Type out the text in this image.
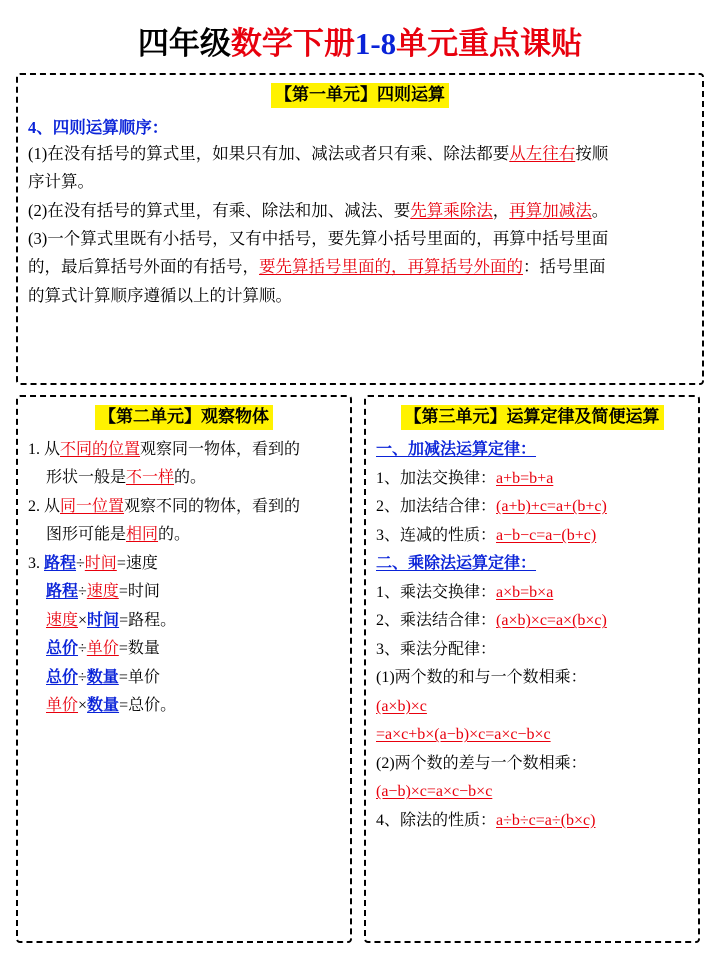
四年级数学下册1-8单元重点课贴
【第一单元】四则运算
4、四则运算顺序：

(1)在没有括号的算式里，如果只有加、减法或者只有乘、除法都要从左往右按顺

序计算。

(2)在没有括号的算式里，有乘、除法和加、减法、要先算乘除法，再算加减法。

(3)一个算式里既有小括号，又有中括号，要先算小括号里面的，再算中括号里面

的，最后算括号外面的有括号，要先算括号里面的，再算括号外面的：括号里面

的算式计算顺序遵循以上的计算顺。

【第二单元】观察物体

1. 从不同的位置观察同一物体，看到的

形状一般是不一样的。

2. 从同一位置观察不同的物体，看到的

图形可能是相同的。

3. 路程÷时间=速度

路程÷速度=时间

速度×时间=路程。

总价÷单价=数量

总价÷数量=单价

单价×数量=总价。

【第三单元】运算定律及简便运算

一、加减法运算定律：

1、加法交换律：a+b=b+a

2、加法结合律：(a+b)+c=a+(b+c)

3、连减的性质：a−b−c=a−(b+c)

二、乘除法运算定律：

1、乘法交换律：a×b=b×a

2、乘法结合律：(a×b)×c=a×(b×c)

3、乘法分配律：

(1)两个数的和与一个数相乘：

(a×b)×c

=a×c+b×(a−b)×c=a×c−b×c

(2)两个数的差与一个数相乘：

(a−b)×c=a×c−b×c

4、除法的性质：a÷b÷c=a÷(b×c)
